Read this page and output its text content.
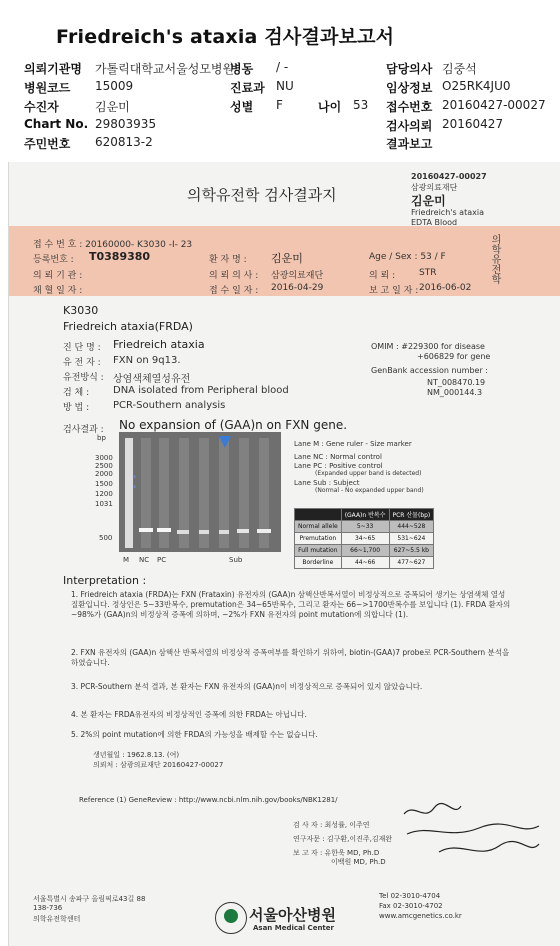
Friedreich's ataxia 검사결과보고서
의뢰기관명 가톨릭대학교서울성모병원
병동 / -	담당의사 김중석
병원코드 15009	진료과 NU	임상정보 O25RK4JU0
수진자	김운미	성별 F	나이 53 접수번호 20160427-00027
Chart No. 29803935	검사의뢰 20160427
주민번호 620813-2	결과보고
의학유전학 검사결과지
20160427-00027
삼광의료재단
김운미
Friedreich's ataxia
EDTA Blood
의학유전학
접 수 번 호 : 20160000- K3030 -I- 23
등록번호 : T0389380	환 자 명 : 김운미	Age / Sex : 53 / F
의 뢰 기 관 :	의 뢰 의 사 : 삼광의료재단	의 뢰 :	STR
채 혈 일 자 :	접 수 일 자 : 2016-04-29	보 고 일 자 : 2016-06-02
K3030
Friedreich ataxia(FRDA)
진 단 명 : Friedreich ataxia
유 전 자 : FXN on 9q13.
유전방식 : 상염색체열성유전
검 체 : DNA isolated from Peripheral blood
방 법 : PCR-Southern analysis
OMIM : #229300 for disease
+606829 for gene
GenBank accession number :
NT_008470.19
NM_000144.3
검사결과 : No expansion of (GAA)n on FXN gene.
bp
3000
2500
2000
1500
1200
1031
500
›
›
M NC PC	Sub
Lane M : Gene ruler - Size marker
Lane NC : Normal control
Lane PC : Positive control
(Expanded upper band is detected)
Lane Sub : Subject
(Normal - No expanded upper band)
	(GAA)n 반복수	PCR 산물(bp)
Normal allele	5~33	444~528
Premutation	34~65	531~624
Full mutation	66~1,700	627~5.5 kb
Borderline	44~66	477~627
Interpretation :
1. Friedreich ataxia (FRDA)는 FXN (Frataxin) 유전자의 (GAA)n 삼핵산반복서열이 비정상적으로 증폭되어 생기는 상염색체 열성 질환입니다. 정상인은 5~33반복수, premutation은 34~65반복수, 그리고 환자는 66~>1700반복수를 보입니다 (1). FRDA 환자의 ~98%가 (GAA)n의 비정상적 증폭에 의하며, ~2%가 FXN 유전자의 point mutation에 의합니다 (1).
2. FXN 유전자의 (GAA)n 삼핵산 반복서열의 비정상적 증폭여부를 확인하기 위하여, biotin-(GAA)7 probe로 PCR-Southern 분석을 하였습니다.
3. PCR-Southern 분석 결과, 본 환자는 FXN 유전자의 (GAA)n이 비정상적으로 증폭되어 있지 않았습니다.
4. 본 환자는 FRDA유전자의 비정상적인 증폭에 의한 FRDA는 아닙니다.
5. 2%의 point mutation에 의한 FRDA의 가능성을 배제할 수는 없습니다.
생년월일 : 1962.8.13. (여)
의뢰처 : 삼광의료재단 20160427-00027
Reference (1) GeneReview : http://www.ncbi.nlm.nih.gov/books/NBK1281/
검 사 자 : 최성률, 이주연
연구자문 : 김구환,이진주,김재완
보 고 자 : 유한욱 MD, Ph.D
이백원 MD, Ph.D
서울특별시 송파구 올림픽로43길 88
138-736
의학유전학센터	서울아산병원
Asan Medical Center
Tel 02-3010-4704
Fax 02-3010-4702
www.amcgenetics.co.kr
